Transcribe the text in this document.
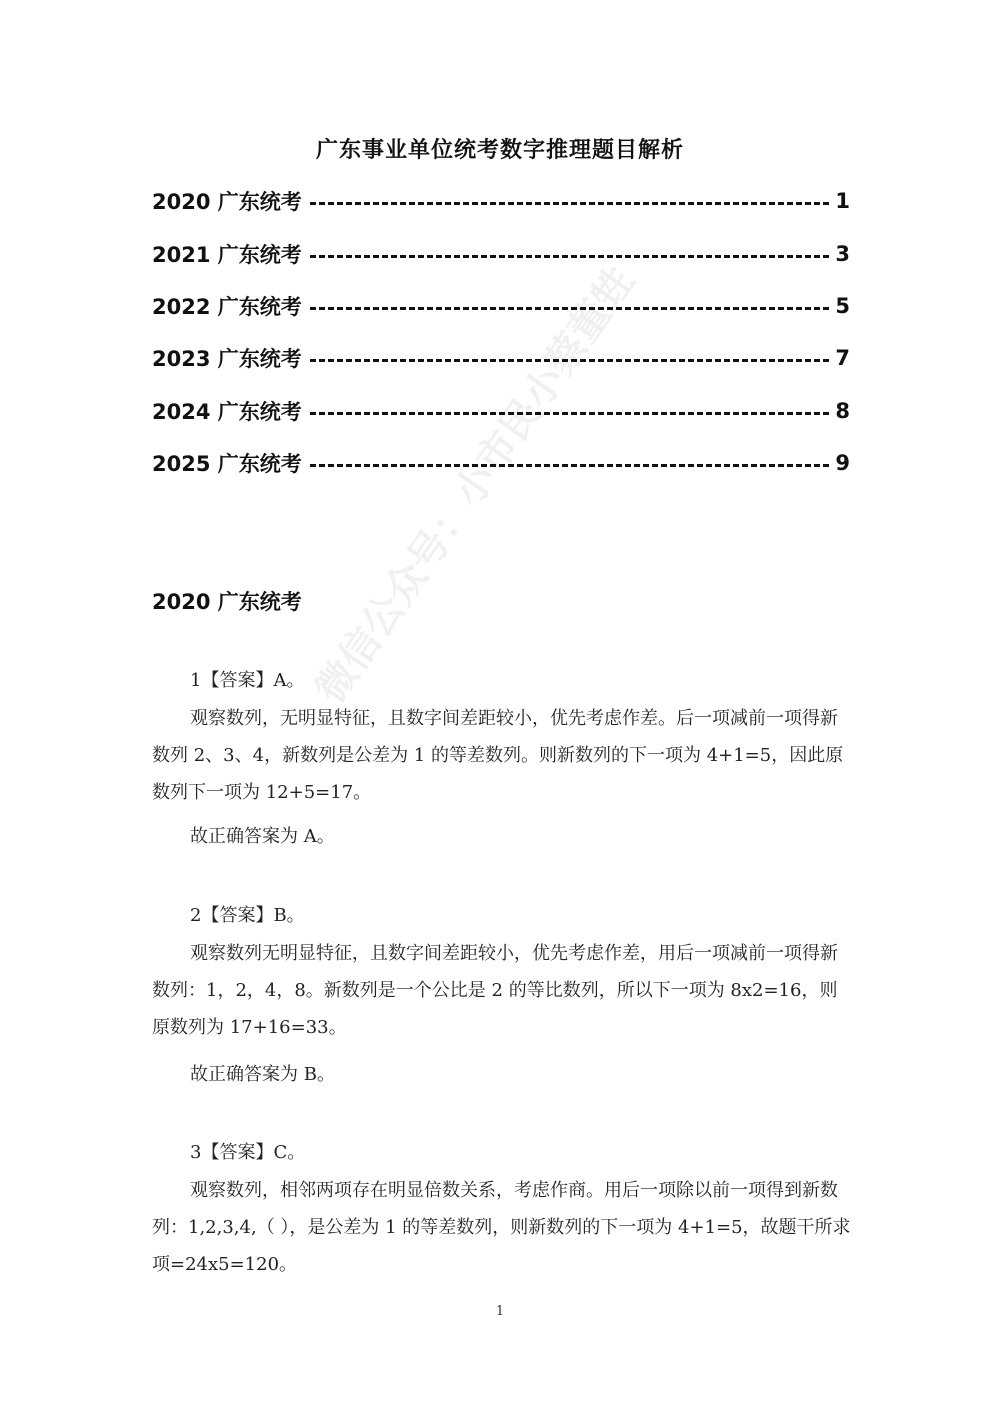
微信公众号：小市民小蔡董甡
广东事业单位统考数字推理题目解析
2020 广东统考	1
2021 广东统考	3
2022 广东统考	5
2023 广东统考	7
2024 广东统考	8
2025 广东统考	9
2020 广东统考
1【答案】A。
观察数列，无明显特征，且数字间差距较小，优先考虑作差。后一项减前一项得新数列 2、3、4，新数列是公差为 1 的等差数列。则新数列的下一项为 4+1=5，因此原数列下一项为 12+5=17。
故正确答案为 A。
2【答案】B。
观察数列无明显特征，且数字间差距较小，优先考虑作差，用后一项减前一项得新数列：1，2，4，8。新数列是一个公比是 2 的等比数列，所以下一项为 8x2=16，则原数列为 17+16=33。
故正确答案为 B。
3【答案】C。
观察数列，相邻两项存在明显倍数关系，考虑作商。用后一项除以前一项得到新数列：1,2,3,4,（ ），是公差为 1 的等差数列，则新数列的下一项为 4+1=5，故题干所求项=24x5=120。
1
